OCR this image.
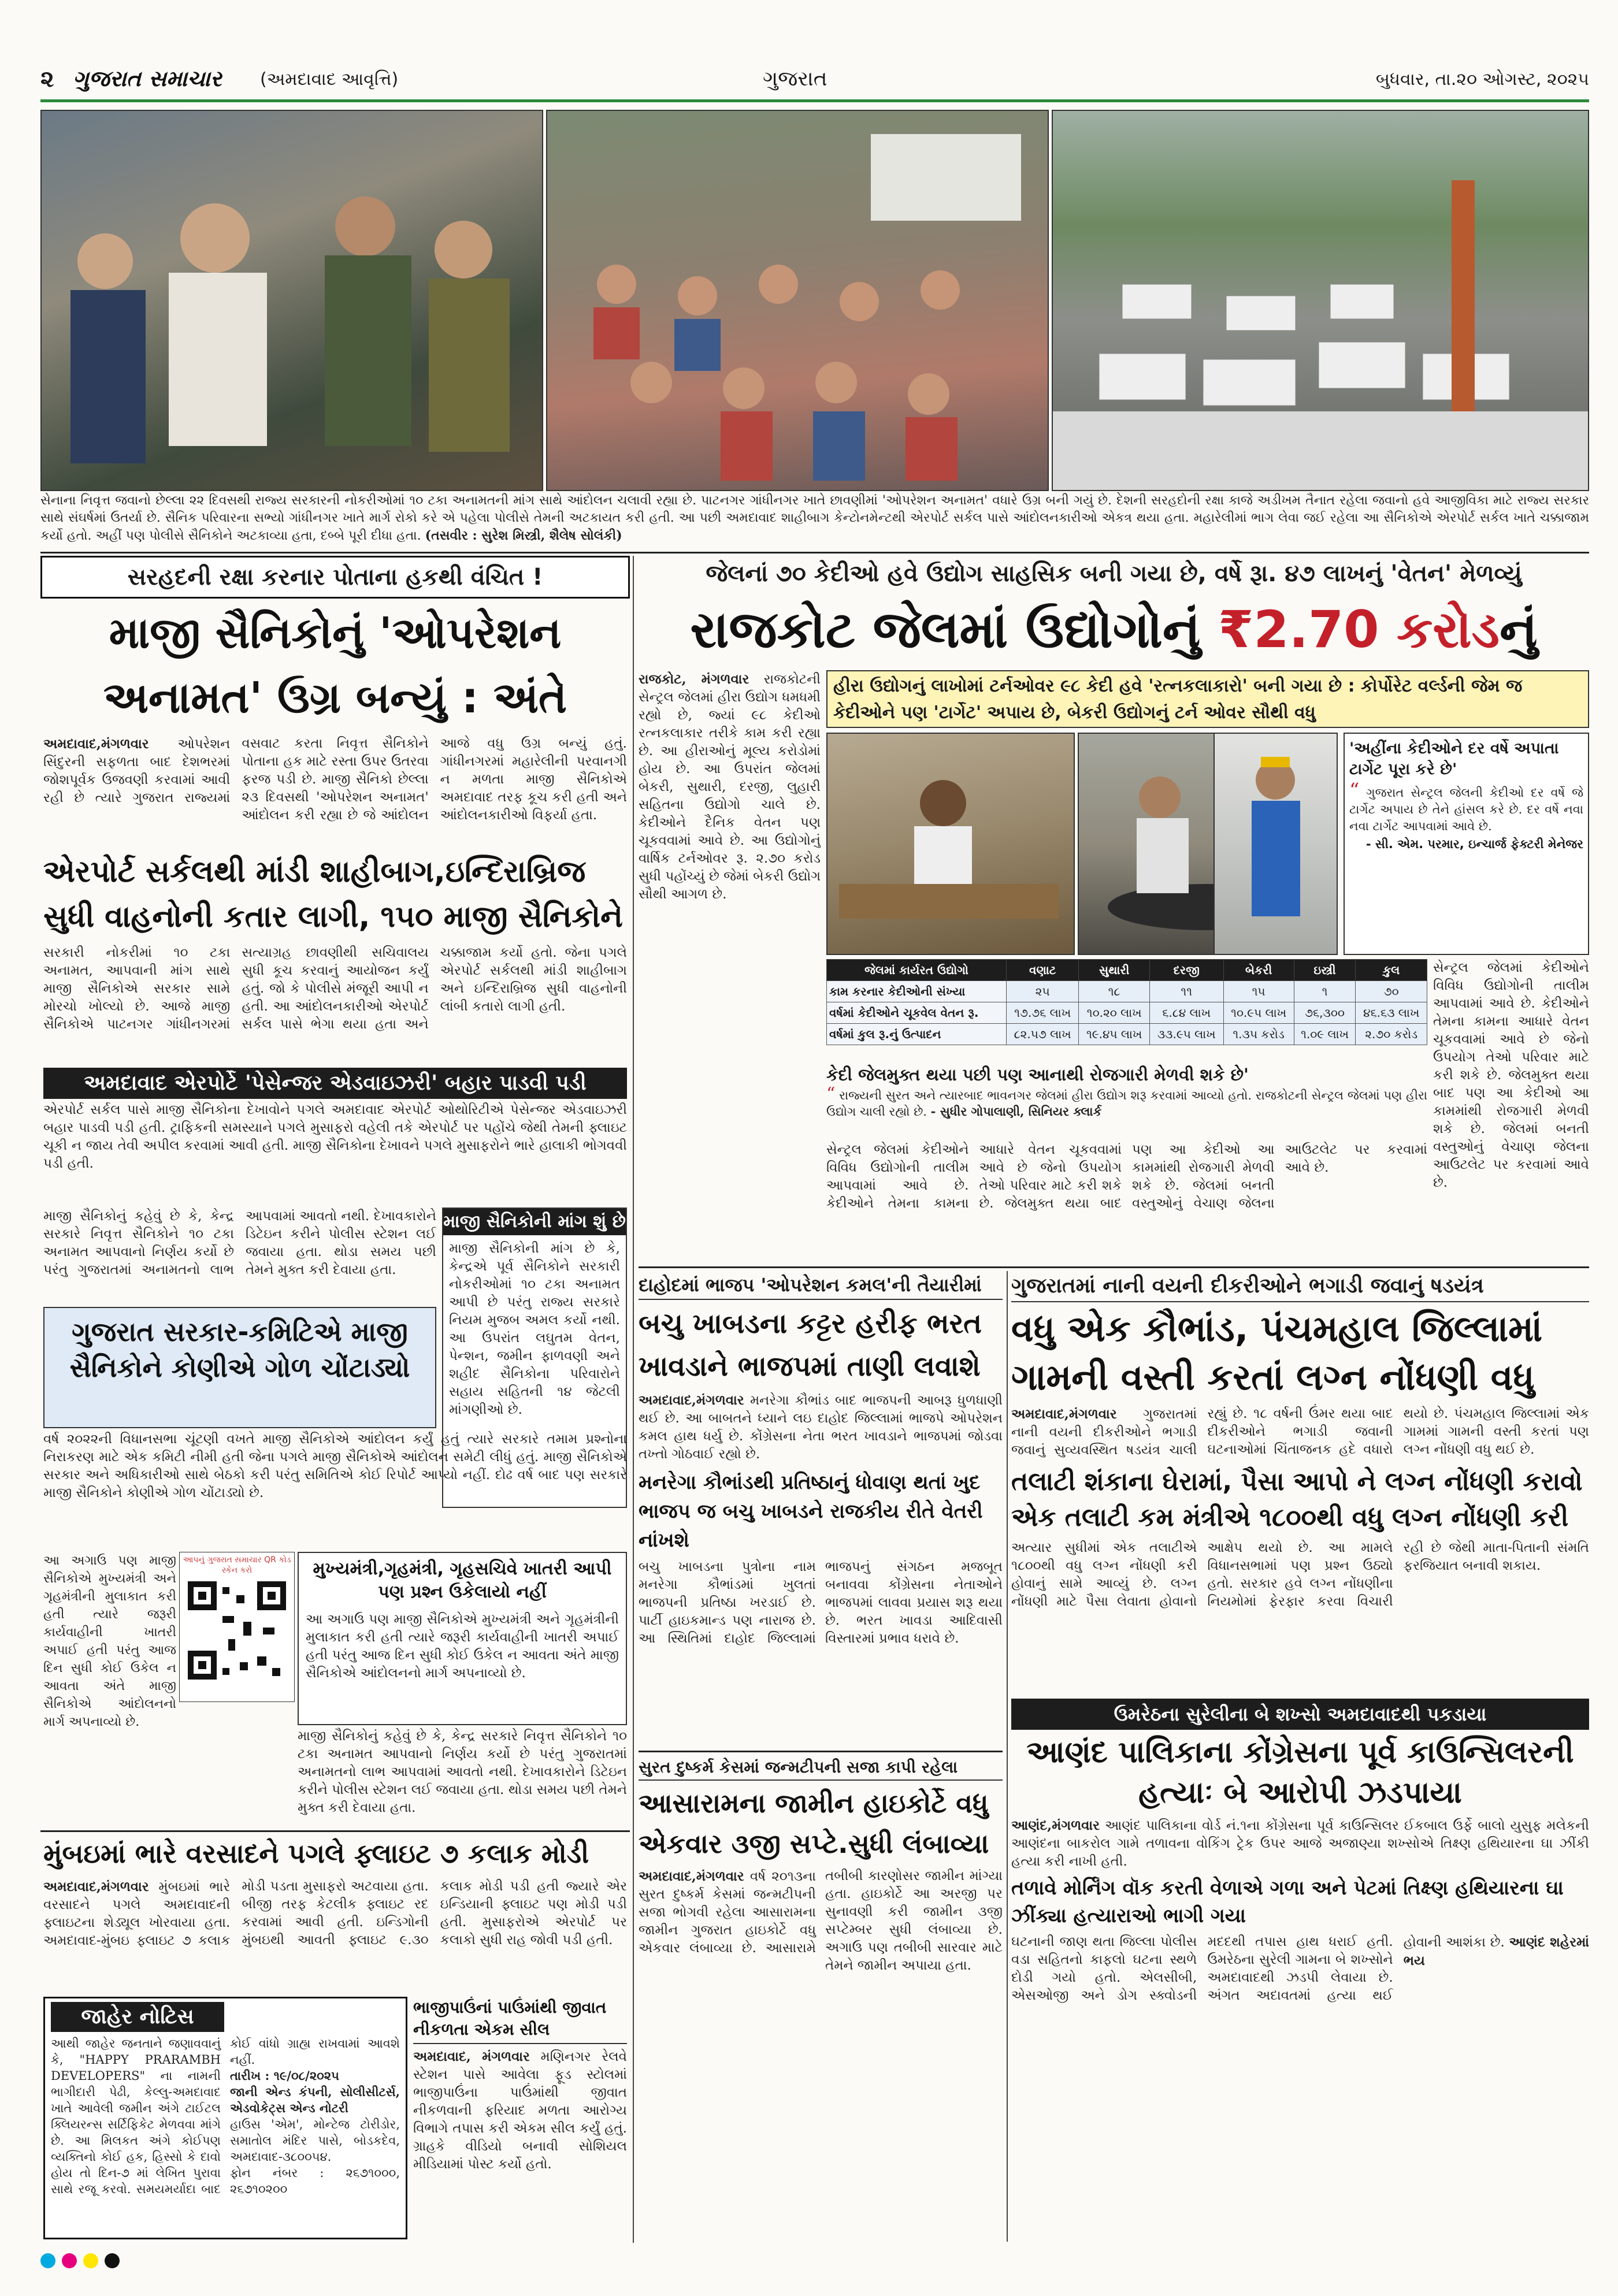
૨ ગુજરાત સમાચાર (અમદાવાદ આવૃત્તિ)	ગુજરાત	બુધવાર, તા.૨૦ ઓગસ્ટ, ૨૦૨૫
સેનાના નિવૃત્ત જવાનો છેલ્લા ૨૨ દિવસથી રાજ્ય સરકારની નોકરીઓમાં ૧૦ ટકા અનામતની માંગ સાથે આંદોલન ચલાવી રહ્યા છે. પાટનગર ગાંધીનગર ખાતે છાવણીમાં 'ઓપરેશન અનામત' વધારે ઉગ્ર બની ગયું છે. દેશની સરહદોની રક્ષા કાજે અડીખમ તૈનાત રહેલા જવાનો હવે આજીવિકા માટે રાજ્ય સરકાર સાથે સંઘર્ષમાં ઉતર્યા છે. સૈનિક પરિવારના સભ્યો ગાંધીનગર ખાતે માર્ગ રોકો કરે એ પહેલા પોલીસે તેમની અટકાયત કરી હતી. આ પછી અમદાવાદ શાહીબાગ કેન્ટોનમેન્ટથી એરપોર્ટ સર્કલ પાસે આંદોલનકારીઓ એકત્ર થયા હતા. મહારેલીમાં ભાગ લેવા જઈ રહેલા આ સૈનિકોએ એરપોર્ટ સર્કલ ખાતે ચક્કાજામ કર્યો હતો. અહીં પણ પોલીસે સૈનિકોને અટકાવ્યા હતા, દબ્બે પૂરી દીધા હતા. (તસવીર : સુરેશ મિસ્ત્રી, શૈલેષ સોલંકી)
સરહદની રક્ષા કરનાર પોતાના હકથી વંચિત !
માજી સૈનિકોનું 'ઓપરેશન અનામત' ઉગ્ર બન્યું : અંતે
અમદાવાદ,મંગળવાર ઓપરેશન સિંદુરની સફળતા બાદ દેશભરમાં જોશપૂર્વક ઉજવણી કરવામાં આવી રહી છે ત્યારે ગુજરાત રાજ્યમાં વસવાટ કરતા નિવૃત્ત સૈનિકોને પોતાના હક માટે રસ્તા ઉપર ઉતરવા ફરજ પડી છે. માજી સૈનિકો છેલ્લા ૨૩ દિવસથી 'ઓપરેશન અનામત' આંદોલન કરી રહ્યા છે જે આંદોલન આજે વધુ ઉગ્ર બન્યું હતું. ગાંધીનગરમાં મહારેલીની પરવાનગી ન મળતા માજી સૈનિકોએ અમદાવાદ તરફ કૂચ કરી હતી અને આંદોલનકારીઓ વિફર્યા હતા.
એરપોર્ટ સર્કલથી માંડી શાહીબાગ,ઇન્દિરાબ્રિજ સુધી વાહનોની કતાર લાગી, ૧૫૦ માજી સૈનિકોને
સરકારી નોકરીમાં ૧૦ ટકા અનામત, આપવાની માંગ સાથે માજી સૈનિકોએ સરકાર સામે મોરચો ખોલ્યો છે. આજે માજી સૈનિકોએ પાટનગર ગાંધીનગરમાં સત્યાગ્રહ છાવણીથી સચિવાલય સુધી કૂચ કરવાનું આયોજન કર્યું હતું. જો કે પોલીસે મંજૂરી આપી ન હતી. આ આંદોલનકારીઓ એરપોર્ટ સર્કલ પાસે ભેગા થયા હતા અને ચક્કાજામ કર્યો હતો. જેના પગલે એરપોર્ટ સર્કલથી માંડી શાહીબાગ અને ઇન્દિરાબ્રિજ સુધી વાહનોની લાંબી કતારો લાગી હતી.
અમદાવાદ એરપોર્ટે 'પેસેન્જર એડવાઇઝરી' બહાર પાડવી પડી
એરપોર્ટ સર્કલ પાસે માજી સૈનિકોના દેખાવોને પગલે અમદાવાદ એરપોર્ટ ઓથોરિટીએ પેસેન્જર એડવાઇઝરી બહાર પાડવી પડી હતી. ટ્રાફિકની સમસ્યાને પગલે મુસાફરો વહેલી તકે એરપોર્ટ પર પહોંચે જેથી તેમની ફ્લાઇટ ચૂકી ન જાય તેવી અપીલ કરવામાં આવી હતી. માજી સૈનિકોના દેખાવને પગલે મુસાફરોને ભારે હાલાકી ભોગવવી પડી હતી.
માજી સૈનિકોનું કહેવું છે કે, કેન્દ્ર સરકારે નિવૃત્ત સૈનિકોને ૧૦ ટકા અનામત આપવાનો નિર્ણય કર્યો છે પરંતુ ગુજરાતમાં અનામતનો લાભ આપવામાં આવતો નથી. દેખાવકારોને ડિટેઇન કરીને પોલીસ સ્ટેશન લઈ જવાયા હતા. થોડા સમય પછી તેમને મુક્ત કરી દેવાયા હતા.
માજી સૈનિકોની માંગ શું છે
માજી સૈનિકોની માંગ છે કે, કેન્દ્રએ પૂર્વ સૈનિકોને સરકારી નોકરીઓમાં ૧૦ ટકા અનામત આપી છે પરંતુ રાજ્ય સરકારે નિયમ મુજબ અમલ કર્યો નથી. આ ઉપરાંત લઘુતમ વેતન, પેન્શન, જમીન ફાળવણી અને શહીદ સૈનિકોના પરિવારોને સહાય સહિતની ૧૪ જેટલી માંગણીઓ છે.
ગુજરાત સરકાર-કમિટિએ માજી સૈનિકોને કોણીએ ગોળ ચોંટાડ્યો
વર્ષ ૨૦૨૨ની વિધાનસભા ચૂંટણી વખતે માજી સૈનિકોએ આંદોલન કર્યું હતું ત્યારે સરકારે તમામ પ્રશ્નોના નિરાકરણ માટે એક કમિટી નીમી હતી જેના પગલે માજી સૈનિકોએ આંદોલન સમેટી લીધું હતું. માજી સૈનિકોએ સરકાર અને અધિકારીઓ સાથે બેઠકો કરી પરંતુ સમિતિએ કોઈ રિપોર્ટ આપ્યો નહીં. દોઢ વર્ષ બાદ પણ સરકારે માજી સૈનિકોને કોણીએ ગોળ ચોંટાડ્યો છે.
આ અગાઉ પણ માજી સૈનિકોએ મુખ્યમંત્રી અને ગૃહમંત્રીની મુલાકાત કરી હતી ત્યારે જરૂરી કાર્યવાહીની ખાતરી અપાઈ હતી પરંતુ આજ દિન સુધી કોઈ ઉકેલ ન આવતા અંતે માજી સૈનિકોએ આંદોલનનો માર્ગ અપનાવ્યો છે.
આપનું ગુજરાત સમાચાર QR કોડ સ્કેન કરો	મુખ્યમંત્રી,ગૃહમંત્રી, ગૃહસચિવે ખાતરી આપી પણ પ્રશ્ન ઉકેલાયો નહીં
આ અગાઉ પણ માજી સૈનિકોએ મુખ્યમંત્રી અને ગૃહમંત્રીની મુલાકાત કરી હતી ત્યારે જરૂરી કાર્યવાહીની ખાતરી અપાઈ હતી પરંતુ આજ દિન સુધી કોઈ ઉકેલ ન આવતા અંતે માજી સૈનિકોએ આંદોલનનો માર્ગ અપનાવ્યો છે.
માજી સૈનિકોનું કહેવું છે કે, કેન્દ્ર સરકારે નિવૃત્ત સૈનિકોને ૧૦ ટકા અનામત આપવાનો નિર્ણય કર્યો છે પરંતુ ગુજરાતમાં અનામતનો લાભ આપવામાં આવતો નથી. દેખાવકારોને ડિટેઇન કરીને પોલીસ સ્ટેશન લઈ જવાયા હતા. થોડા સમય પછી તેમને મુક્ત કરી દેવાયા હતા.
મુંબઇમાં ભારે વરસાદને પગલે ફ્લાઇટ ૭ કલાક મોડી
અમદાવાદ,મંગળવાર મુંબઇમાં ભારે વરસાદને પગલે અમદાવાદની ફ્લાઇટના શેડ્યૂલ ખોરવાયા હતા. અમદાવાદ-મુંબઇ ફ્લાઇટ ૭ કલાક મોડી પડતા મુસાફરો અટવાયા હતા. બીજી તરફ કેટલીક ફ્લાઇટ રદ કરવામાં આવી હતી. ઇન્ડિગોની મુંબઇથી આવતી ફ્લાઇટ ૯.૩૦ કલાક મોડી પડી હતી જ્યારે એર ઇન્ડિયાની ફ્લાઇટ પણ મોડી પડી હતી. મુસાફરોએ એરપોર્ટ પર કલાકો સુધી રાહ જોવી પડી હતી.
જાહેર નોટિસ
આથી જાહેર જનતાને જણાવવાનું કે, "HAPPY PRARAMBH DEVELOPERS" ના નામની ભાગીદારી પેઢી, કેલ્લુ-અમદાવાદ ખાતે આવેલી જમીન અંગે ટાઈટલ ક્લિયરન્સ સર્ટિફિકેટ મેળવવા માંગે છે. આ મિલકત અંગે કોઈપણ વ્યક્તિનો કોઈ હક, હિસ્સો કે દાવો હોય તો દિન-૭ માં લેખિત પુરાવા સાથે રજૂ કરવો. સમયમર્યાદા બાદ કોઈ વાંધો ગ્રાહ્ય રાખવામાં આવશે નહીં.
તારીખ : ૧૯/૦૮/૨૦૨૫
જાની એન્ડ કંપની, સોલીસીટર્સ, એડવોકેટ્સ એન્ડ નોટરી
હાઉસ 'એમ', મોન્ટેજ ટોરીડોર, સમાતોલ મંદિર પાસે, બોડકદેવ, અમદાવાદ-૩૮૦૦૫૪.
ફોન નંબર : ૨૬૭૧૦૦૦, ૨૬૭૧૦૨૦૦
ભાજીપાઉંનાં પાઉંમાંથી જીવાત નીકળતા એકમ સીલ
અમદાવાદ, મંગળવાર મણિનગર રેલવે સ્ટેશન પાસે આવેલા ફૂડ સ્ટોલમાં ભાજીપાઉંના પાઉંમાંથી જીવાત નીકળવાની ફરિયાદ મળતા આરોગ્ય વિભાગે તપાસ કરી એકમ સીલ કર્યું હતું. ગ્રાહકે વીડિયો બનાવી સોશિયલ મીડિયામાં પોસ્ટ કર્યો હતો.
જેલનાં ૭૦ કેદીઓ હવે ઉદ્યોગ સાહસિક બની ગયા છે, વર્ષે રૂા. ૪૭ લાખનું 'વેતન' મેળવ્યું
રાજકોટ જેલમાં ઉદ્યોગોનું ₹2.70 કરોડનું
રાજકોટ, મંગળવાર રાજકોટની સેન્ટ્રલ જેલમાં હીરા ઉદ્યોગ ધમધમી રહ્યો છે, જ્યાં ૯૮ કેદીઓ રત્નકલાકાર તરીકે કામ કરી રહ્યા છે. આ હીરાઓનું મૂલ્ય કરોડોમાં હોય છે. આ ઉપરાંત જેલમાં બેકરી, સુથારી, દરજી, લુહારી સહિતના ઉદ્યોગો ચાલે છે. કેદીઓને દૈનિક વેતન પણ ચૂકવવામાં આવે છે. આ ઉદ્યોગોનું વાર્ષિક ટર્નઓવર રૂ. ૨.૭૦ કરોડ સુધી પહોંચ્યું છે જેમાં બેકરી ઉદ્યોગ સૌથી આગળ છે.
હીરા ઉદ્યોગનું લાખોમાં ટર્નઓવર ૯૮ કેદી હવે 'રત્નકલાકારો' બની ગયા છે : કોર્પોરેટ વર્લ્ડની જેમ જ કેદીઓને પણ 'ટાર્ગેટ' અપાય છે, બેકરી ઉદ્યોગનું ટર્ન ઓવર સૌથી વધુ
'અહીંના કેદીઓને દર વર્ષે અપાતા ટાર્ગેટ પૂરા કરે છે'
“ ગુજરાત સેન્ટ્રલ જેલની કેદીઓ દર વર્ષે જે ટાર્ગેટ અપાય છે તેને હાંસલ કરે છે. દર વર્ષે નવા નવા ટાર્ગેટ આપવામાં આવે છે.
- સી. એમ. પરમાર, ઇન્ચાર્જ ફેક્ટરી મેનેજર
જેલમાં કાર્યરત ઉદ્યોગો	વણાટ	સુથારી	દરજી	બેકરી	ઇસ્ત્રી	કુલ
કામ કરનાર કેદીઓની સંખ્યા	૨૫	૧૮	૧૧	૧૫	૧	૭૦
વર્ષમાં કેદીઓને ચૂકવેલ વેતન રૂ.	૧૭.૭૬ લાખ	૧૦.૨૦ લાખ	૬.૮૪ લાખ	૧૦.૯૫ લાખ	૭૬,૩૦૦	૪૬.૬૩ લાખ
વર્ષમાં કુલ રૂ.નું ઉત્પાદન	૮૨.૫૭ લાખ	૧૯.૪૫ લાખ	૩૩.૯૫ લાખ	૧.૩૫ કરોડ	૧.૦૯ લાખ	૨.૭૦ કરોડ
સેન્ટ્રલ જેલમાં કેદીઓને વિવિધ ઉદ્યોગોની તાલીમ આપવામાં આવે છે. કેદીઓને તેમના કામના આધારે વેતન ચૂકવવામાં આવે છે જેનો ઉપયોગ તેઓ પરિવાર માટે કરી શકે છે. જેલમુક્ત થયા બાદ પણ આ કેદીઓ આ કામમાંથી રોજગારી મેળવી શકે છે. જેલમાં બનતી વસ્તુઓનું વેચાણ જેલના આઉટલેટ પર કરવામાં આવે છે.
કેદી જેલમુક્ત થયા પછી પણ આનાથી રોજગારી મેળવી શકે છે'
“ રાજ્યની સુરત અને ત્યારબાદ ભાવનગર જેલમાં હીરા ઉદ્યોગ શરૂ કરવામાં આવ્યો હતો. રાજકોટની સેન્ટ્રલ જેલમાં પણ હીરા ઉદ્યોગ ચાલી રહ્યો છે. - સુધીર ગોપાલાણી, સિનિયર ક્લાર્ક
સેન્ટ્રલ જેલમાં કેદીઓને વિવિધ ઉદ્યોગોની તાલીમ આપવામાં આવે છે. કેદીઓને તેમના કામના આધારે વેતન ચૂકવવામાં આવે છે જેનો ઉપયોગ તેઓ પરિવાર માટે કરી શકે છે. જેલમુક્ત થયા બાદ પણ આ કેદીઓ આ કામમાંથી રોજગારી મેળવી શકે છે. જેલમાં બનતી વસ્તુઓનું વેચાણ જેલના આઉટલેટ પર કરવામાં આવે છે.
દાહોદમાં ભાજપ 'ઓપરેશન કમલ'ની તૈયારીમાં
બચુ ખાબડના કટ્ટર હરીફ ભરત ખાવડાને ભાજપમાં તાણી લવાશે
અમદાવાદ,મંગળવાર મનરેગા કૌભાંડ બાદ ભાજપની આબરૂ ધુળધાણી થઈ છે. આ બાબતને ધ્યાને લઇ દાહોદ જિલ્લામાં ભાજપે ઓપરેશન કમલ હાથ ધર્યુ છે. કોંગ્રેસના નેતા ભરત ખાવડાને ભાજપમાં જોડવા તખ્તો ગોઠવાઈ રહ્યો છે.
મનરેગા કૌભાંડથી પ્રતિષ્ઠાનું ધોવાણ થતાં ખુદ ભાજપ જ બચુ ખાબડને રાજકીય રીતે વેતરી નાંખશે
બચુ ખાબડના પુત્રોના નામ મનરેગા કૌભાંડમાં ખુલતાં ભાજપની પ્રતિષ્ઠા ખરડાઈ છે. પાર્ટી હાઇકમાન્ડ પણ નારાજ છે. આ સ્થિતિમાં દાહોદ જિલ્લામાં ભાજપનું સંગઠન મજબૂત બનાવવા કોંગ્રેસના નેતાઓને ભાજપમાં લાવવા પ્રયાસ શરૂ થયા છે. ભરત ખાવડા આદિવાસી વિસ્તારમાં પ્રભાવ ધરાવે છે.
ગુજરાતમાં નાની વયની દીકરીઓને ભગાડી જવાનું ષડયંત્ર
વધુ એક કૌભાંડ, પંચમહાલ જિલ્લામાં ગામની વસ્તી કરતાં લગ્ન નોંધણી વધુ
અમદાવાદ,મંગળવાર ગુજરાતમાં નાની વયની દીકરીઓને ભગાડી જવાનું સુવ્યવસ્થિત ષડયંત્ર ચાલી રહ્યું છે. ૧૮ વર્ષની ઉંમર થયા બાદ દીકરીઓને ભગાડી જવાની ઘટનાઓમાં ચિંતાજનક હદે વધારો થયો છે. પંચમહાલ જિલ્લામાં એક ગામમાં ગામની વસ્તી કરતાં પણ લગ્ન નોંધણી વધુ થઈ છે.
તલાટી શંકાના ઘેરામાં, પૈસા આપો ને લગ્ન નોંધણી કરાવો એક તલાટી કમ મંત્રીએ ૧૮૦૦થી વધુ લગ્ન નોંધણી કરી
અત્યાર સુધીમાં એક તલાટીએ ૧૮૦૦થી વધુ લગ્ન નોંધણી કરી હોવાનું સામે આવ્યું છે. લગ્ન નોંધણી માટે પૈસા લેવાતા હોવાનો આક્ષેપ થયો છે. આ મામલે વિધાનસભામાં પણ પ્રશ્ન ઉઠ્યો હતો. સરકાર હવે લગ્ન નોંધણીના નિયમોમાં ફેરફાર કરવા વિચારી રહી છે જેથી માતા-પિતાની સંમતિ ફરજિયાત બનાવી શકાય.
સુરત દુષ્કર્મ કેસમાં જન્મટીપની સજા કાપી રહેલા
આસારામના જામીન હાઇકોર્ટે વધુ એકવાર ૩જી સપ્ટે.સુધી લંબાવ્યા
અમદાવાદ,મંગળવાર વર્ષ ૨૦૧૩ના સુરત દુષ્કર્મ કેસમાં જન્મટીપની સજા ભોગવી રહેલા આસારામના જામીન ગુજરાત હાઇકોર્ટે વધુ એકવાર લંબાવ્યા છે. આસારામે તબીબી કારણોસર જામીન માંગ્યા હતા. હાઇકોર્ટે આ અરજી પર સુનાવણી કરી જામીન ૩જી સપ્ટેમ્બર સુધી લંબાવ્યા છે. અગાઉ પણ તબીબી સારવાર માટે તેમને જામીન અપાયા હતા.
ઉમરેઠના સુરેલીના બે શખ્સો અમદાવાદથી પકડાયા
આણંદ પાલિકાના કોંગ્રેસના પૂર્વ કાઉન્સિલરની હત્યાઃ બે આરોપી ઝડપાયા
આણંદ,મંગળવાર આણંદ પાલિકાના વોર્ડ નં.૧ના કોંગ્રેસના પૂર્વ કાઉન્સિલર ઈકબાલ ઉર્ફે બાલો યુસુફ મલેકની આણંદના બાકરોલ ગામે તળાવના વોકિંગ ટ્રેક ઉપર આજે અજાણ્યા શખ્સોએ તિક્ષ્ણ હથિયારના ઘા ઝીંકી હત્યા કરી નાખી હતી.
તળાવે મોર્નિંગ વૉક કરતી વેળાએ ગળા અને પેટમાં તિક્ષ્ણ હથિયારના ઘા ઝીંક્યા હત્યારાઓ ભાગી ગયા
ઘટનાની જાણ થતા જિલ્લા પોલીસ વડા સહિતનો કાફલો ઘટના સ્થળે દોડી ગયો હતો. એલસીબી, એસઓજી અને ડોગ સ્ક્વોડની મદદથી તપાસ હાથ ધરાઈ હતી. ઉમરેઠના સુરેલી ગામના બે શખ્સોને અમદાવાદથી ઝડપી લેવાયા છે. અંગત અદાવતમાં હત્યા થઈ હોવાની આશંકા છે. આણંદ શહેરમાં ભય
